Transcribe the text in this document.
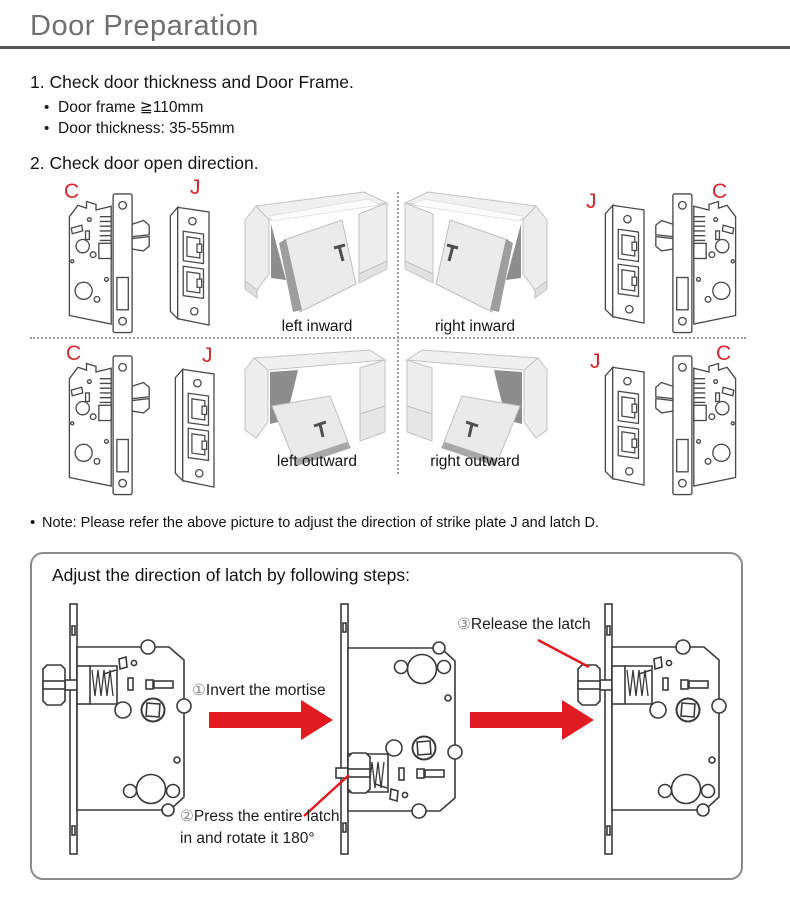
Door Preparation
1. Check door thickness and Door Frame.
• Door frame ≧110mm
• Door thickness: 35-55mm
2. Check door open direction.
C	J
J	C
C	J	J	C
left inward	right inward
left outward	right outward
• Note: Please refer the above picture to adjust the direction of strike plate J and latch D.
Adjust the direction of latch by following steps:
①Invert the mortise
②Press the entire latch
in and rotate it 180°
③Release the latch
